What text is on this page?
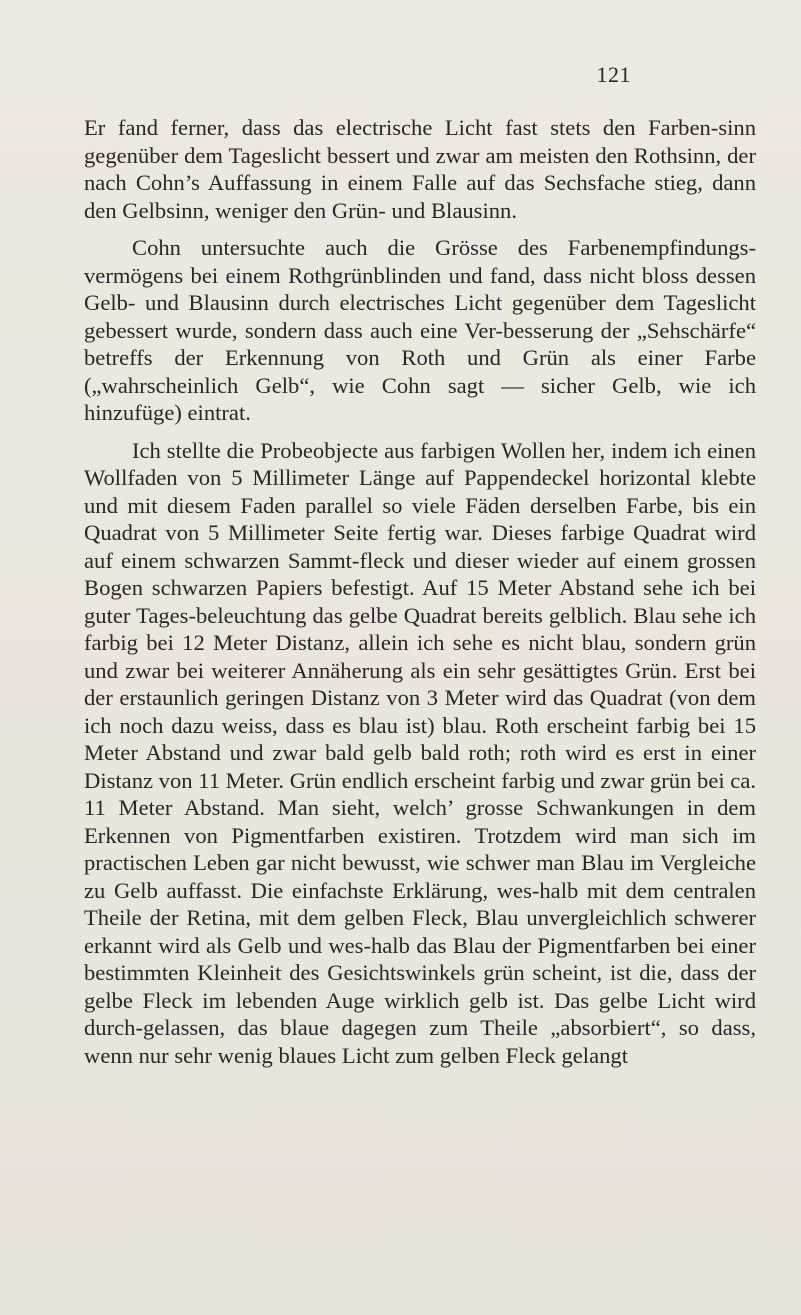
121

Er fand ferner, dass das electrische Licht fast stets den Farben-sinn gegenüber dem Tageslicht bessert und zwar am meisten den Rothsinn, der nach Cohn’s Auffassung in einem Falle auf das Sechsfache stieg, dann den Gelbsinn, weniger den Grün- und Blausinn.

Cohn untersuchte auch die Grösse des Farbenempfindungs-vermögens bei einem Rothgrünblinden und fand, dass nicht bloss dessen Gelb- und Blausinn durch electrisches Licht gegenüber dem Tageslicht gebessert wurde, sondern dass auch eine Ver-besserung der „Sehschärfe“ betreffs der Erkennung von Roth und Grün als einer Farbe („wahrscheinlich Gelb“, wie Cohn sagt — sicher Gelb, wie ich hinzufüge) eintrat.

Ich stellte die Probeobjecte aus farbigen Wollen her, indem ich einen Wollfaden von 5 Millimeter Länge auf Pappendeckel horizontal klebte und mit diesem Faden parallel so viele Fäden derselben Farbe, bis ein Quadrat von 5 Millimeter Seite fertig war. Dieses farbige Quadrat wird auf einem schwarzen Sammt-fleck und dieser wieder auf einem grossen Bogen schwarzen Papiers befestigt. Auf 15 Meter Abstand sehe ich bei guter Tages-beleuchtung das gelbe Quadrat bereits gelblich. Blau sehe ich farbig bei 12 Meter Distanz, allein ich sehe es nicht blau, sondern grün und zwar bei weiterer Annäherung als ein sehr gesättigtes Grün. Erst bei der erstaunlich geringen Distanz von 3 Meter wird das Quadrat (von dem ich noch dazu weiss, dass es blau ist) blau. Roth erscheint farbig bei 15 Meter Abstand und zwar bald gelb bald roth; roth wird es erst in einer Distanz von 11 Meter. Grün endlich erscheint farbig und zwar grün bei ca. 11 Meter Abstand. Man sieht, welch’ grosse Schwankungen in dem Erkennen von Pigmentfarben existiren. Trotzdem wird man sich im practischen Leben gar nicht bewusst, wie schwer man Blau im Vergleiche zu Gelb auffasst. Die einfachste Erklärung, wes-halb mit dem centralen Theile der Retina, mit dem gelben Fleck, Blau unvergleichlich schwerer erkannt wird als Gelb und wes-halb das Blau der Pigmentfarben bei einer bestimmten Kleinheit des Gesichtswinkels grün scheint, ist die, dass der gelbe Fleck im lebenden Auge wirklich gelb ist. Das gelbe Licht wird durch-gelassen, das blaue dagegen zum Theile „absorbiert“, so dass, wenn nur sehr wenig blaues Licht zum gelben Fleck gelangt
